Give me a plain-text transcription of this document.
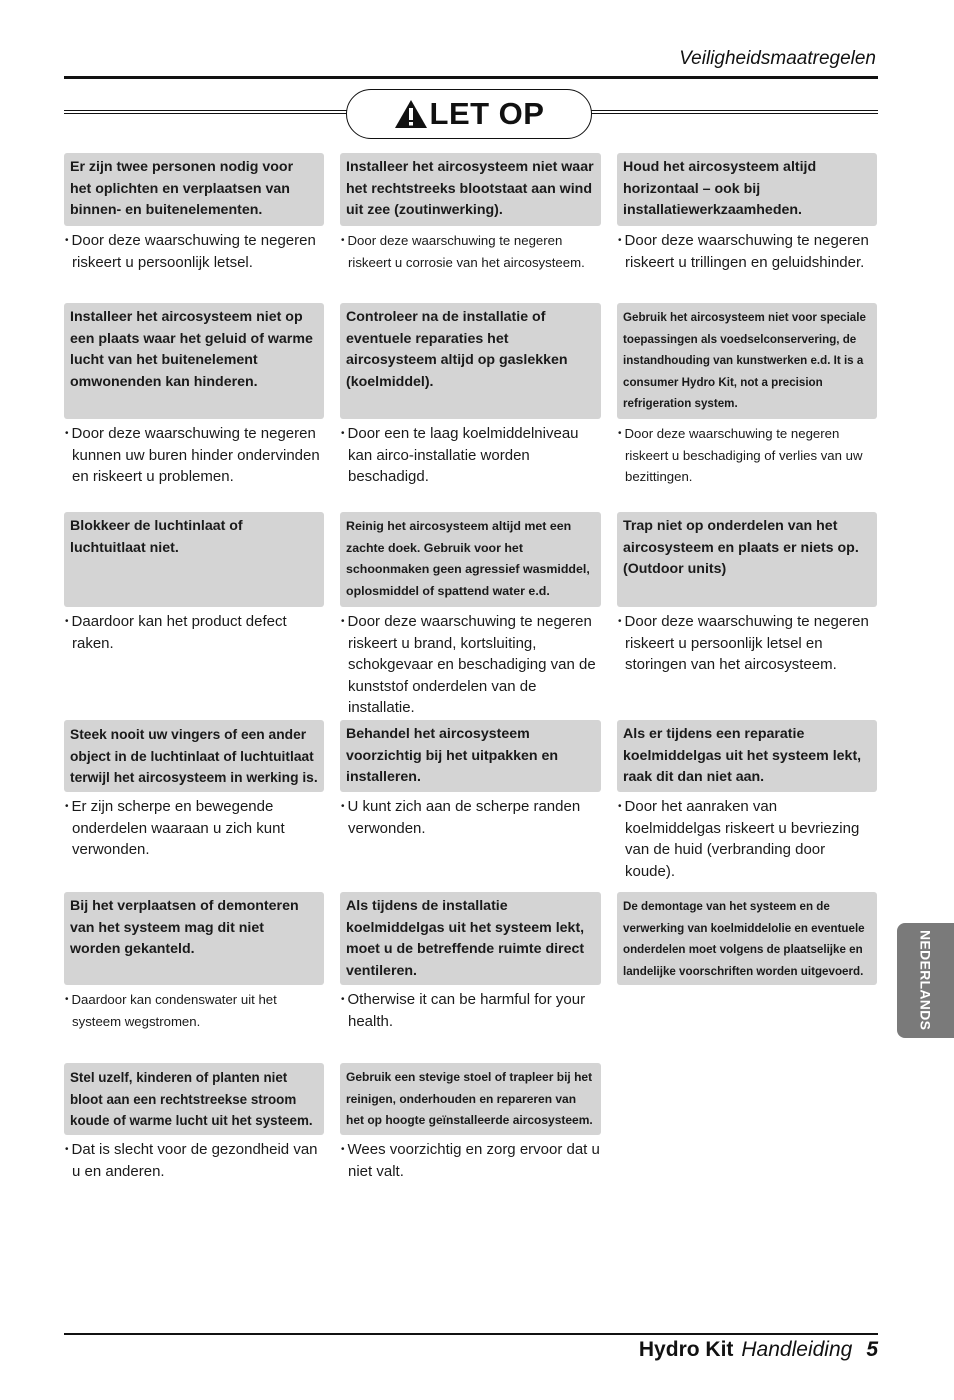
Veiligheidsmaatregelen
LET OP
Er zijn twee personen nodig voor het oplichten en verplaatsen van binnen- en buitenelementen.
• Door deze waarschuwing te negeren riskeert u persoonlijk letsel.
Installeer het aircosysteem niet waar het rechtstreeks blootstaat aan wind uit zee (zoutinwerking).
• Door deze waarschuwing te negeren riskeert u corrosie van het aircosysteem.
Houd het aircosysteem altijd horizontaal – ook bij installatiewerkzaamheden.
• Door deze waarschuwing te negeren riskeert u trillingen en geluidshinder.
Installeer het aircosysteem niet op een plaats waar het geluid of warme lucht van het buitenelement omwonenden kan hinderen.
• Door deze waarschuwing te negeren kunnen uw buren hinder ondervinden en riskeert u problemen.
Controleer na de installatie of eventuele reparaties het aircosysteem altijd op gaslekken (koelmiddel).
• Door een te laag koelmiddelniveau kan airco-installatie worden beschadigd.
Gebruik het aircosysteem niet voor speciale toepassingen als voedselconservering, de instandhouding van kunstwerken e.d. It is a consumer Hydro Kit, not a precision refrigeration system.
• Door deze waarschuwing te negeren riskeert u beschadiging of verlies van uw bezittingen.
Blokkeer de luchtinlaat of luchtuitlaat niet.
• Daardoor kan het product defect raken.
Reinig het aircosysteem altijd met een zachte doek. Gebruik voor het schoonmaken geen agressief wasmiddel, oplosmiddel of spattend water e.d.
• Door deze waarschuwing te negeren riskeert u brand, kortsluiting, schokgevaar en beschadiging van de kunststof onderdelen van de installatie.
Trap niet op onderdelen van het aircosysteem en plaats er niets op. (Outdoor units)
• Door deze waarschuwing te negeren riskeert u persoonlijk letsel en storingen van het aircosysteem.
Steek nooit uw vingers of een ander object in de luchtinlaat of luchtuitlaat terwijl het aircosysteem in werking is.
• Er zijn scherpe en bewegende onderdelen waaraan u zich kunt verwonden.
Behandel het aircosysteem voorzichtig bij het uitpakken en installeren.
• U kunt zich aan de scherpe randen verwonden.
Als er tijdens een reparatie koelmiddelgas uit het systeem lekt, raak dit dan niet aan.
• Door het aanraken van koelmiddelgas riskeert u bevriezing van de huid (verbranding door koude).
Bij het verplaatsen of demonteren van het systeem mag dit niet worden gekanteld.
• Daardoor kan condenswater uit het systeem wegstromen.
Als tijdens de installatie koelmiddelgas uit het systeem lekt, moet u de betreffende ruimte direct ventileren.
• Otherwise it can be harmful for your health.
De demontage van het systeem en de verwerking van koelmiddelolie en eventuele onderdelen moet volgens de plaatselijke en landelijke voorschriften worden uitgevoerd.
Stel uzelf, kinderen of planten niet bloot aan een rechtstreekse stroom koude of warme lucht uit het systeem.
• Dat is slecht voor de gezondheid van u en anderen.
Gebruik een stevige stoel of trapleer bij het reinigen, onderhouden en repareren van het op hoogte geïnstalleerde aircosysteem.
• Wees voorzichtig en zorg ervoor dat u niet valt.
NEDERLANDS
Hydro Kit Handleiding 5
